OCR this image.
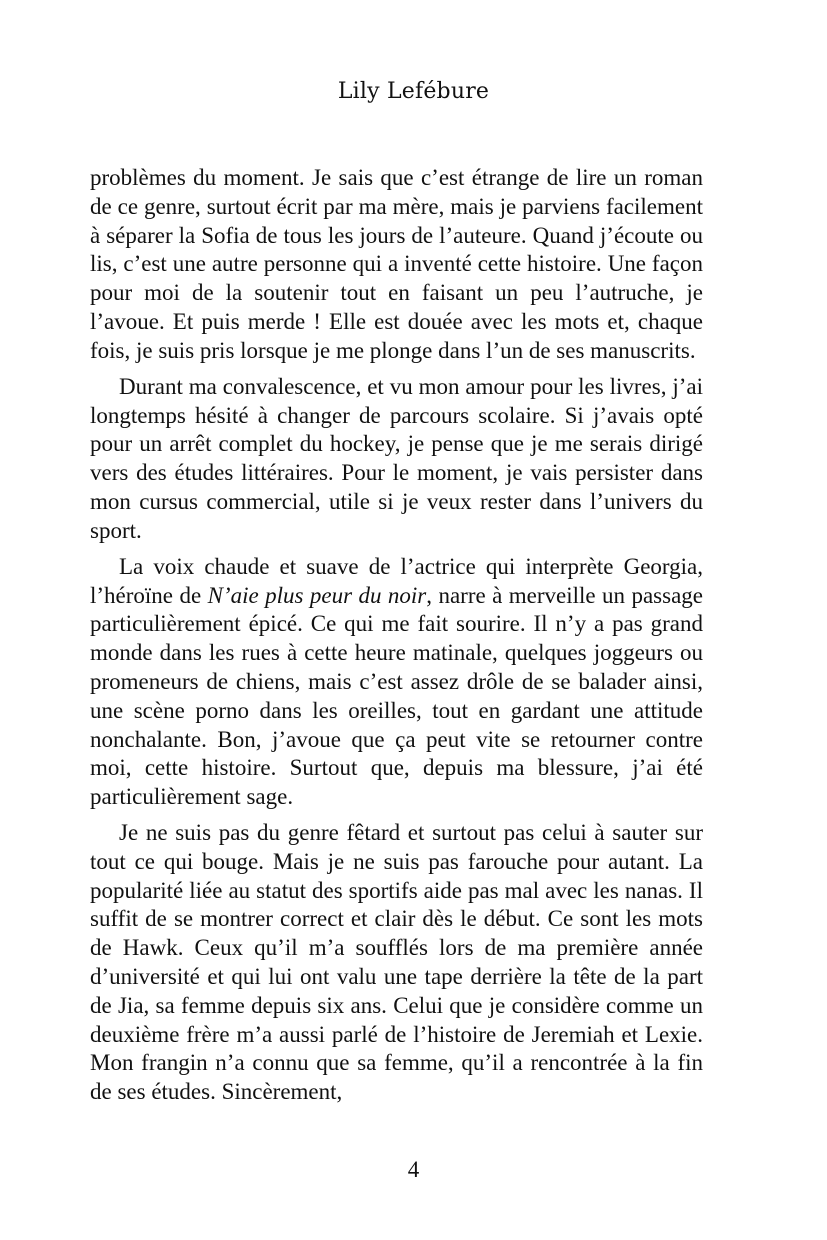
Lily Lefébure

problèmes du moment. Je sais que c’est étrange de lire un roman de ce genre, surtout écrit par ma mère, mais je parviens facilement à séparer la Sofia de tous les jours de l’auteure. Quand j’écoute ou lis, c’est une autre personne qui a inventé cette histoire. Une façon pour moi de la soutenir tout en faisant un peu l’autruche, je l’avoue. Et puis merde ! Elle est douée avec les mots et, chaque fois, je suis pris lorsque je me plonge dans l’un de ses manuscrits.

Durant ma convalescence, et vu mon amour pour les livres, j’ai longtemps hésité à changer de parcours scolaire. Si j’avais opté pour un arrêt complet du hockey, je pense que je me serais dirigé vers des études littéraires. Pour le moment, je vais persister dans mon cursus commercial, utile si je veux rester dans l’univers du sport.

La voix chaude et suave de l’actrice qui interprète Georgia, l’héroïne de N’aie plus peur du noir, narre à merveille un passage particulièrement épicé. Ce qui me fait sourire. Il n’y a pas grand monde dans les rues à cette heure matinale, quelques joggeurs ou promeneurs de chiens, mais c’est assez drôle de se balader ainsi, une scène porno dans les oreilles, tout en gardant une attitude nonchalante. Bon, j’avoue que ça peut vite se retourner contre moi, cette histoire. Surtout que, depuis ma blessure, j’ai été particulièrement sage.

Je ne suis pas du genre fêtard et surtout pas celui à sauter sur tout ce qui bouge. Mais je ne suis pas farouche pour autant. La popularité liée au statut des sportifs aide pas mal avec les nanas. Il suffit de se montrer correct et clair dès le début. Ce sont les mots de Hawk. Ceux qu’il m’a soufflés lors de ma première année d’université et qui lui ont valu une tape derrière la tête de la part de Jia, sa femme depuis six ans. Celui que je considère comme un deuxième frère m’a aussi parlé de l’histoire de Jeremiah et Lexie. Mon frangin n’a connu que sa femme, qu’il a rencontrée à la fin de ses études. Sincèrement,

4
